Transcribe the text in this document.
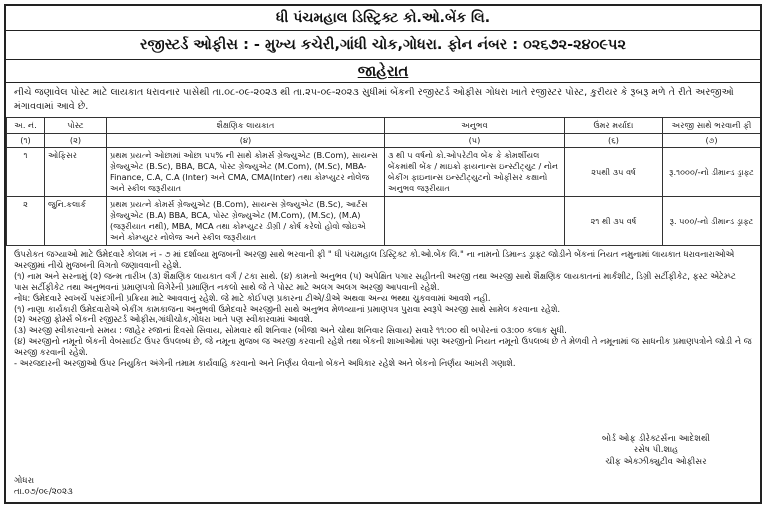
ધી પંચમહાલ ડિસ્ટ્રિક્ટ કો.ઓ.બેંક લિ.
રજીસ્ટર્ડ ઓફીસ : - મુખ્ય કચેરી,ગાંધી ચોક,ગોધરા. ફોન નંબર : ૦૨૬૭૨-૨૪૦૯૫૨
જાહેરાત
નીચે જણાવેલ પોસ્ટ માટે લાયકાત ધરાવનાર પાસેથી તા.૦૮-૦૯-૨૦૨૩ થી તા.૨૫-૦૯-૨૦૨૩ સુધીમાં બેંકની રજીસ્ટર્ડ ઓફીસ ગોધરા ખાતે રજીસ્ટર પોસ્ટ, કુરીયર કે રૂબરૂ મળે તે રીતે અરજીઓ મંગાવવામાં આવે છે.
અ. નં.	પોસ્ટ	શૈક્ષણિક લાયકાત	અનુભવ	ઉંમર મર્યાદા	અરજી સાથે ભરવાની ફી
(૧)	(૨)	(૪)	(૫)	(૬)	(૭)
૧	ઓફિસર	પ્રથમ પ્રયત્ને ઓછામાં ઓછા ૫૫% ની સાથે કોમર્સ ગ્રેજ્યુએટ (B.Com), સાયન્સ ગ્રેજ્યુએટ (B.Sc), BBA, BCA, પોસ્ટ ગ્રેજ્યુએટ (M.Com), (M.Sc), MBA-Finance, C.A, C.A (Inter) અને CMA, CMA(Inter) તથા કોમ્પ્યુટર નોલેજ અને સ્કીલ જરૂરીયાત	૩ થી ૫ વર્ષનો કો.ઓપરેટીવ બેંક કે કોમર્શીયલ બેંકમાંથી બેંક / માઇક્રો ફાયનાન્સ ઇન્સ્ટીટ્યુટ / નોન બેકીંગ ફાઇનાન્સ ઇન્સ્ટીટ્યુટનો ઓફીસર કક્ષાનો અનુભવ જરૂરીયાત	૨૫થી ૩૫ વર્ષ	રૂ.૧૦૦૦/-નો ડીમાન્ડ ડ્રાફ્ટ
૨	જુનિ.કલાર્ક	પ્રથમ પ્રયત્ને કોમર્સ ગ્રેજ્યુએટ (B.Com), સાયન્સ ગ્રેજ્યુએટ (B.Sc), આર્ટસ ગ્રેજ્યુએટ (B.A) BBA, BCA, પોસ્ટ ગ્રેજ્યુએટ (M.Com), (M.Sc), (M.A) (જરૂરીયાત નથી), MBA, MCA તથા કોમ્પ્યુટર ડીગ્રી / કોર્ષ કરેલો હોવો જોઇએ અને કોમ્પ્યુટર નોલેજ અને સ્કીલ જરૂરીયાત		૨૧ થી ૩૫ વર્ષ	રૂ. ૫૦૦/-નો ડીમાન્ડ ડ્રાફ્ટ

ઉપરોકત જગ્યાઓ માટે ઉમેદવારે કોલમ નં - ૭ માં દર્શાવ્યા મુજબની અરજી સાથે ભરવાની ફી " ધી પંચમહાલ ડિસ્ટ્રિક્ટ કો.ઓ.બેંક લિ." ના નામનો ડિમાન્ડ ડ્રાફ્ટ જોડીને બેંકનાં નિયત નમુનામાં લાયકાત ધરાવનારાઓએ અરજીમાં નીચે મુજબની વિગતો જણાવવાની રહેશે.

(૧) નામ અને સરનામું (૨) જન્મ તારીખ (૩) શૈક્ષણિક લાયકાત વર્ગ / ટકા સાથે. (૪) કામનો અનુભવ (૫) અપેક્ષિત પગાર સહીતની અરજી તથા અરજી સાથે શૈક્ષણિક લાયકાતનાં માર્કશીટ, ડિગ્રી સર્ટીફીકેટ, ફસ્ટ એટેમ્પ્ટ પાસ સર્ટીફીકેટ તથા અનુભવનાં પ્રમાણપત્રો વિગેરેની પ્રમાણિત નકલો સાથે જે તે પોસ્ટ માટે અલગ અલગ અરજી આપવાની રહેશે.

નોંધ: ઉમેદવારે સ્વખર્ચે પસંદગીની પ્રક્રિયા માટે આવવાનું રહેશે. જે માટે કોઈપણ પ્રકારના ટીએ/ડીએ અથવા અન્ય ભથ્થા ચુકવવામાં આવશે નહી.

(૧) નાણા કાર્યકારી ઉમેદવારોએ બેકીંગ કામકાજના અનુભવી ઉમેદવારે અરજીની સાથે અનુભવ મેળવ્યાનાં પ્રમાણપત્ર પુરાવા સ્વરૂપે અરજી સાથે સામેલ કરવાના રહેશે.

(૨) અરજી ફોર્મ્સ બેંકની રજીસ્ટર્ડ ઓફીસ,ગાંધીચોક,ગોધરા ખાતે પણ સ્વીકારવામાં આવશે.

(૩) અરજી સ્વીકારવાનો સમય : જાહેર રજાનાં દિવસો સિવાય, સોમવાર થી શનિવાર (બીજા અને ચોથા શનિવાર સિવાય) સવારે ૧૧:૦૦ થી બપોરનાં ૦૩:૦૦ કલાક સુધી.

(૪) અરજીનો નમૂનો બેંકની વેબસાઈટ ઉપર ઉપલબ્ધ છે, જે નમૂના મુજબ જ અરજી કરવાની રહેશે તથા બેંકની શાખાઓમાં પણ અરજીનો નિયત નમૂનો ઉપલબ્ધ છે તે મેળવી તે નમૂનામાં જ સાધનીક પ્રમાણપત્રોને જોડી ને જ અરજી કરવાની રહેશે.

- અરજદારની અરજીઓ ઉપર નિયુકિત અંગેની તમામ કાર્યવાહિ કરવાનો અને નિર્ણય લેવાનો બેંકને અધિકાર રહેશે અને બેંકનો નિર્ણય આખરી ગણાશે.

બોર્ડ ઓફ ડીરેક્ટર્સના આદેશથી
રસેષ પી.શાહ
ચીફ એક્ઝીક્યુટીવ ઓફીસર
ગોધરા
તા.૦૭/૦૯/૨૦૨૩
